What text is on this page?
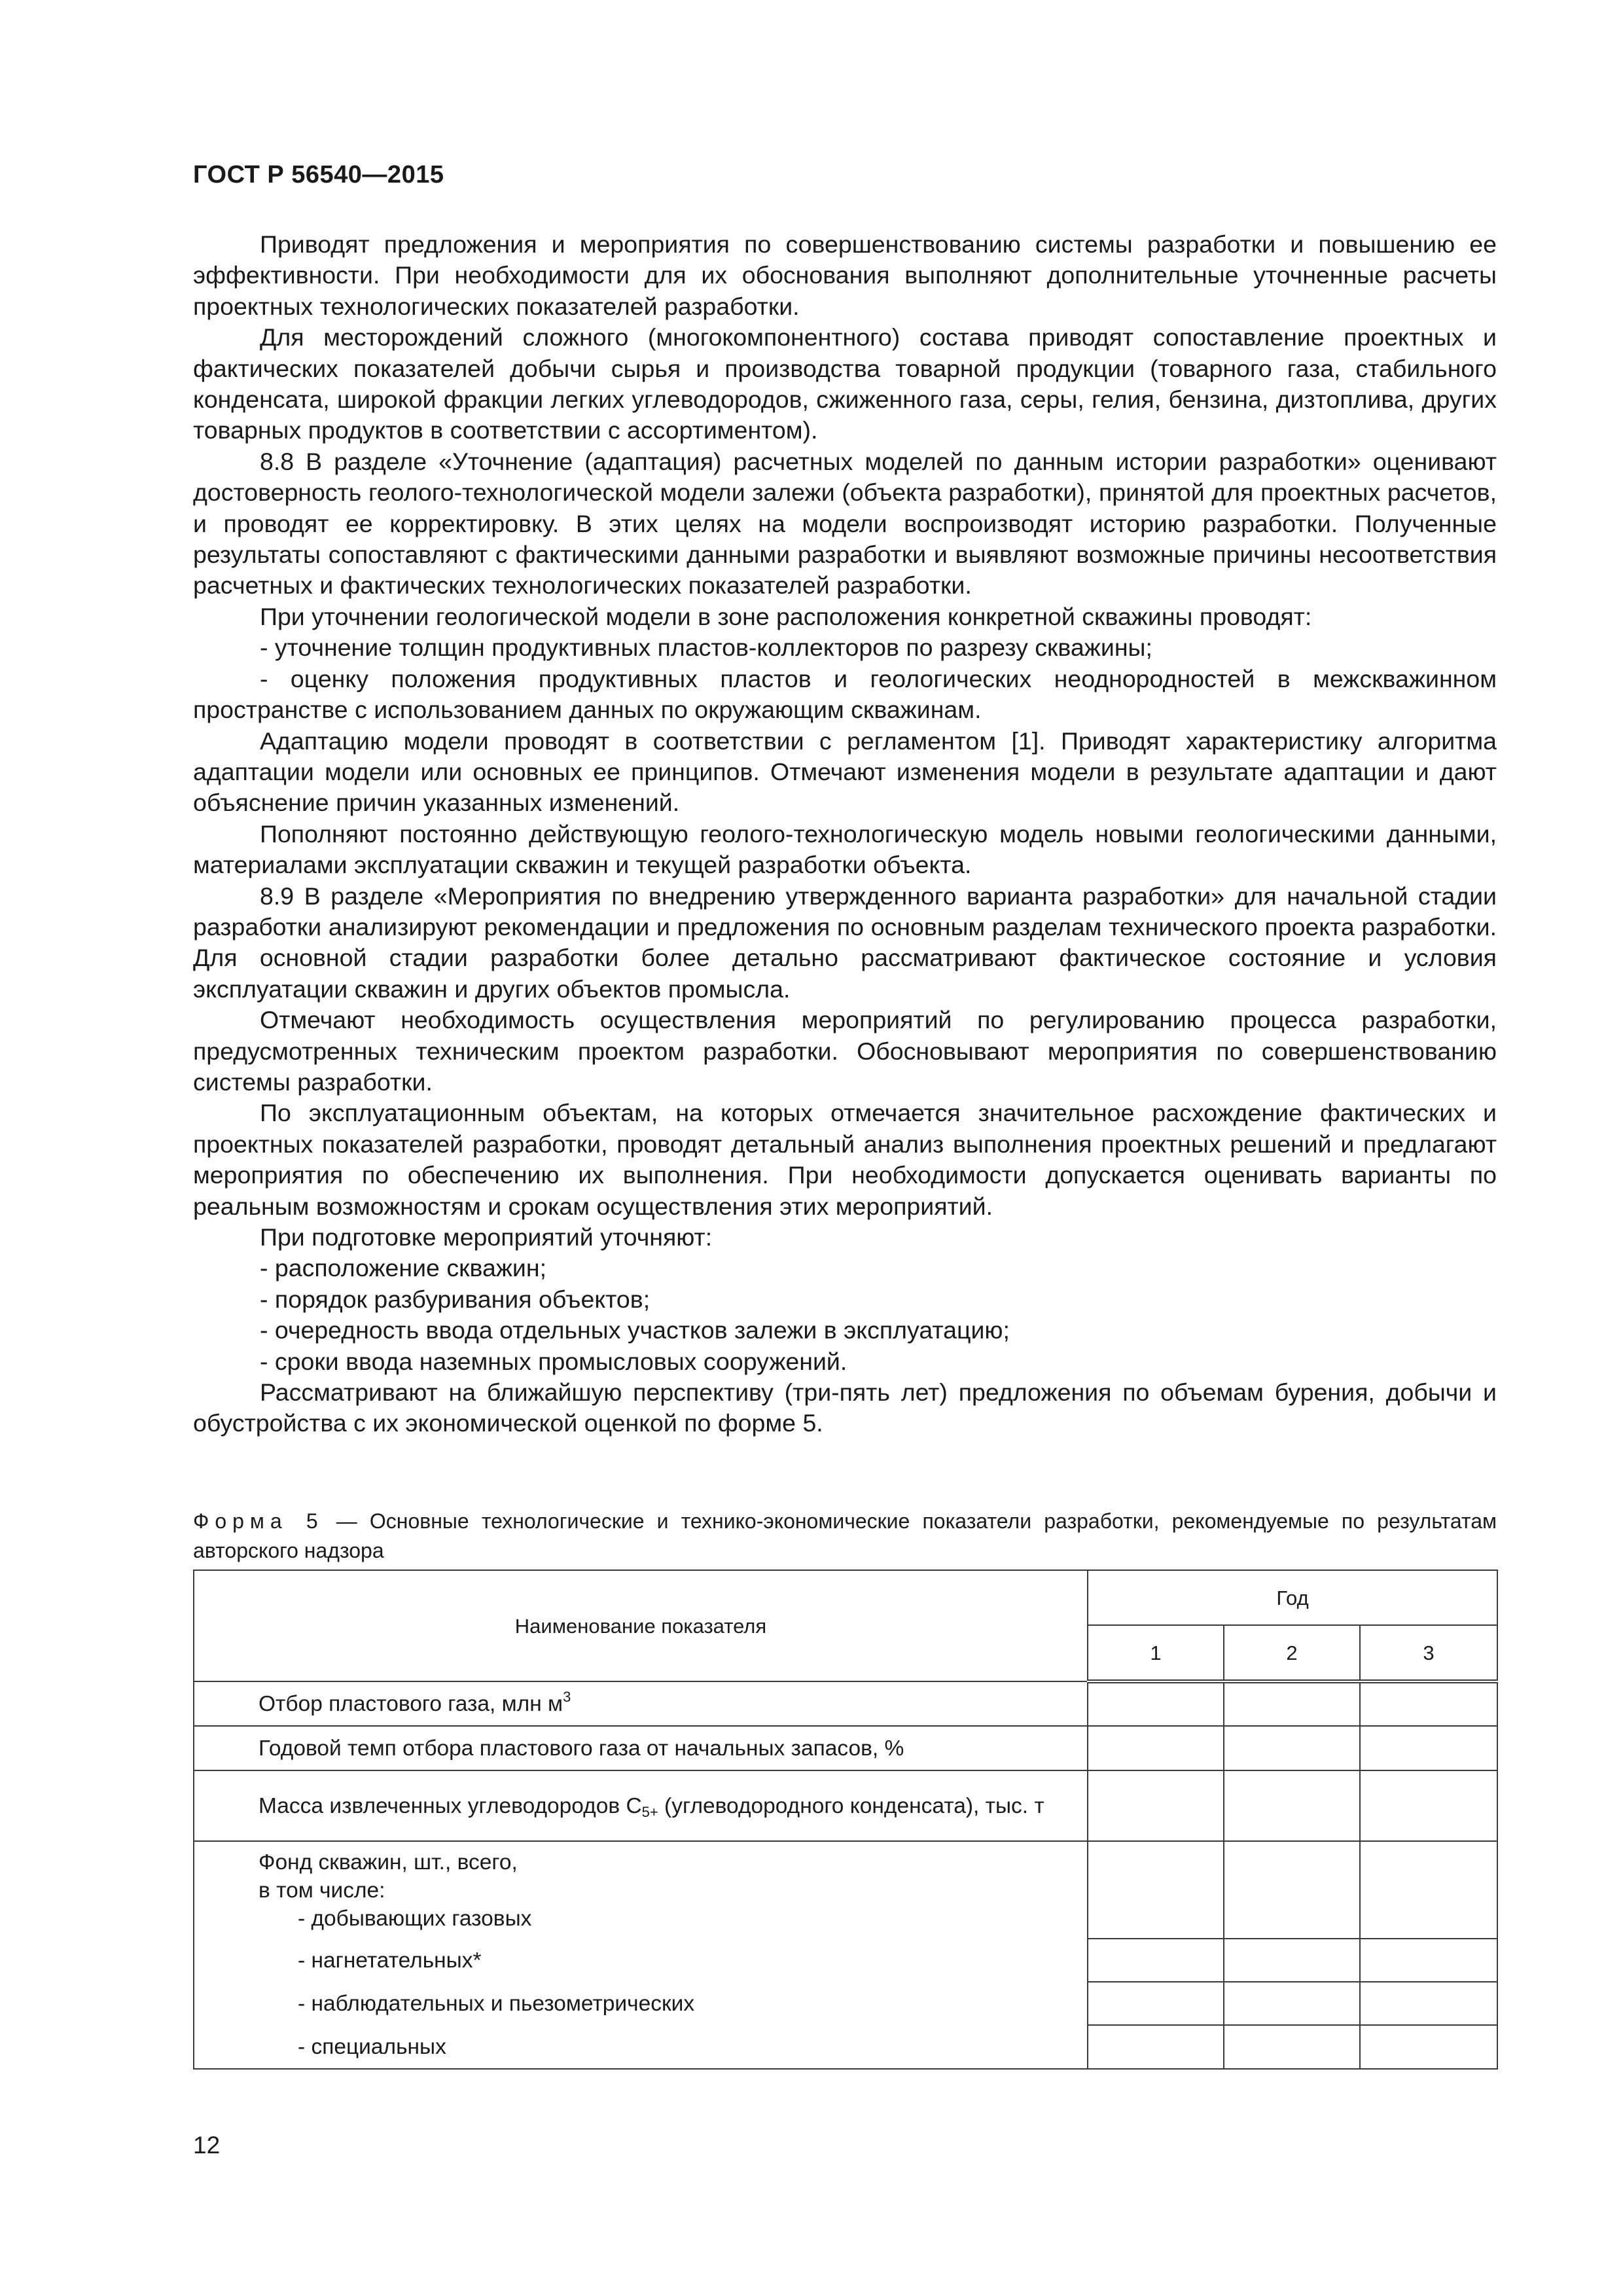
ГОСТ Р 56540—2015

Приводят предложения и мероприятия по совершенствованию системы разработки и повышению ее эффективности. При необходимости для их обоснования выполняют дополнительные уточненные расчеты проектных технологических показателей разработки.

Для месторождений сложного (многокомпонентного) состава приводят сопоставление проектных и фактических показателей добычи сырья и производства товарной продукции (товарного газа, стабильного конденсата, широкой фракции легких углеводородов, сжиженного газа, серы, гелия, бензина, дизтоплива, других товарных продуктов в соответствии с ассортиментом).

8.8 В разделе «Уточнение (адаптация) расчетных моделей по данным истории разработки» оценивают достоверность геолого-технологической модели залежи (объекта разработки), принятой для проектных расчетов, и проводят ее корректировку. В этих целях на модели воспроизводят историю разработки. Полученные результаты сопоставляют с фактическими данными разработки и выявляют возможные причины несоответствия расчетных и фактических технологических показателей разработки.

При уточнении геологической модели в зоне расположения конкретной скважины проводят:

- уточнение толщин продуктивных пластов-коллекторов по разрезу скважины;

- оценку положения продуктивных пластов и геологических неоднородностей в межскважинном пространстве с использованием данных по окружающим скважинам.

Адаптацию модели проводят в соответствии с регламентом [1]. Приводят характеристику алгоритма адаптации модели или основных ее принципов. Отмечают изменения модели в результате адаптации и дают объяснение причин указанных изменений.

Пополняют постоянно действующую геолого-технологическую модель новыми геологическими данными, материалами эксплуатации скважин и текущей разработки объекта.

8.9 В разделе «Мероприятия по внедрению утвержденного варианта разработки» для начальной стадии разработки анализируют рекомендации и предложения по основным разделам технического проекта разработки. Для основной стадии разработки более детально рассматривают фактическое состояние и условия эксплуатации скважин и других объектов промысла.

Отмечают необходимость осуществления мероприятий по регулированию процесса разработки, предусмотренных техническим проектом разработки. Обосновывают мероприятия по совершенствованию системы разработки.

По эксплуатационным объектам, на которых отмечается значительное расхождение фактических и проектных показателей разработки, проводят детальный анализ выполнения проектных решений и предлагают мероприятия по обеспечению их выполнения. При необходимости допускается оценивать варианты по реальным возможностям и срокам осуществления этих мероприятий.

При подготовке мероприятий уточняют:

- расположение скважин;

- порядок разбуривания объектов;

- очередность ввода отдельных участков залежи в эксплуатацию;

- сроки ввода наземных промысловых сооружений.

Рассматривают на ближайшую перспективу (три-пять лет) предложения по объемам бурения, добычи и обустройства с их экономической оценкой по форме 5.

Форма 5 — Основные технологические и технико-экономические показатели разработки, рекомендуемые по результатам авторского надзора

Наименование показателя	Год		
	1	2	3

Отбор пластового газа, млн $м^3$

Годовой темп отбора пластового газа от начальных запасов, %			

Масса извлеченных углеводородов $С_{5+}$ (углеводородного конденсата), тыс. т			

Фонд скважин, шт., всего,
в том числе:
- добывающих газовых			

- нагнетательных*			

- наблюдательных и пьезометрических			

- специальных			

12
